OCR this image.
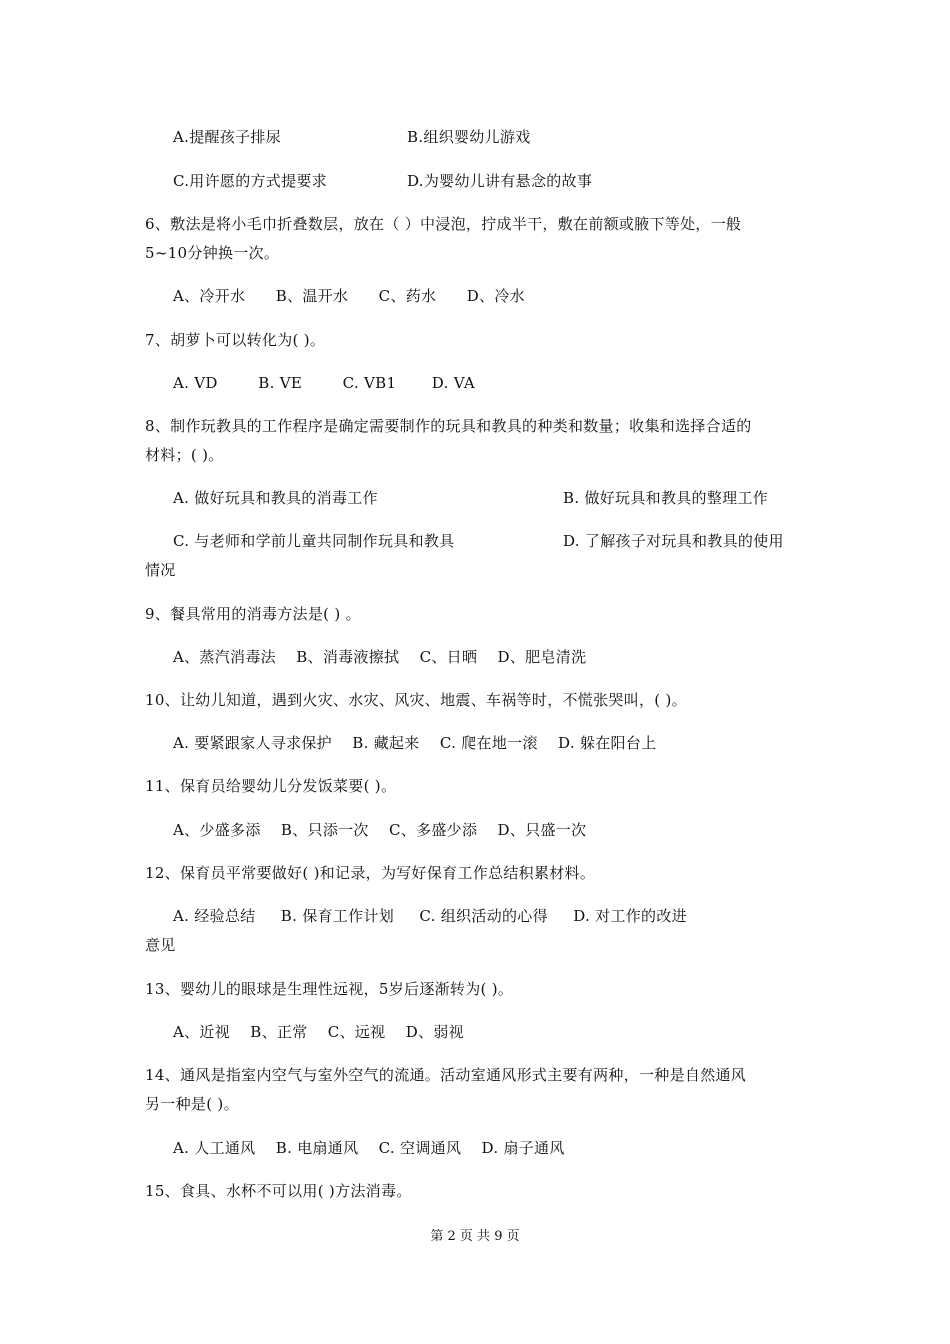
A.提醒孩子排尿	B.组织婴幼儿游戏
C.用许愿的方式提要求	D.为婴幼儿讲有悬念的故事
6、敷法是将小毛巾折叠数层，放在（ ）中浸泡，拧成半干，敷在前额或腋下等处，一般
5~10分钟换一次。
A、冷开水      B、温开水      C、药水      D、冷水
7、胡萝卜可以转化为( )。
A. VD        B. VE        C. VB1       D. VA
8、制作玩教具的工作程序是确定需要制作的玩具和教具的种类和数量；收集和选择合适的
材料；( )。
A. 做好玩具和教具的消毒工作	B. 做好玩具和教具的整理工作
C. 与老师和学前儿童共同制作玩具和教具	D. 了解孩子对玩具和教具的使用
情况
9、餐具常用的消毒方法是( ) 。
A、蒸汽消毒法    B、消毒液擦拭    C、日晒    D、肥皂清洗
10、让幼儿知道，遇到火灾、水灾、风灾、地震、车祸等时，不慌张哭叫，( )。
A. 要紧跟家人寻求保护    B. 藏起来    C. 爬在地一滚    D. 躲在阳台上
11、保育员给婴幼儿分发饭菜要( )。
A、少盛多添    B、只添一次    C、多盛少添    D、只盛一次
12、保育员平常要做好( )和记录，为写好保育工作总结积累材料。
A. 经验总结     B. 保育工作计划     C. 组织活动的心得     D. 对工作的改进
意见
13、婴幼儿的眼球是生理性远视，5岁后逐渐转为( )。
A、近视    B、正常    C、远视    D、弱视
14、通风是指室内空气与室外空气的流通。活动室通风形式主要有两种，一种是自然通风
另一种是( )。
A. 人工通风    B. 电扇通风    C. 空调通风    D. 扇子通风
15、食具、水杯不可以用( )方法消毒。
第 2 页 共 9 页
